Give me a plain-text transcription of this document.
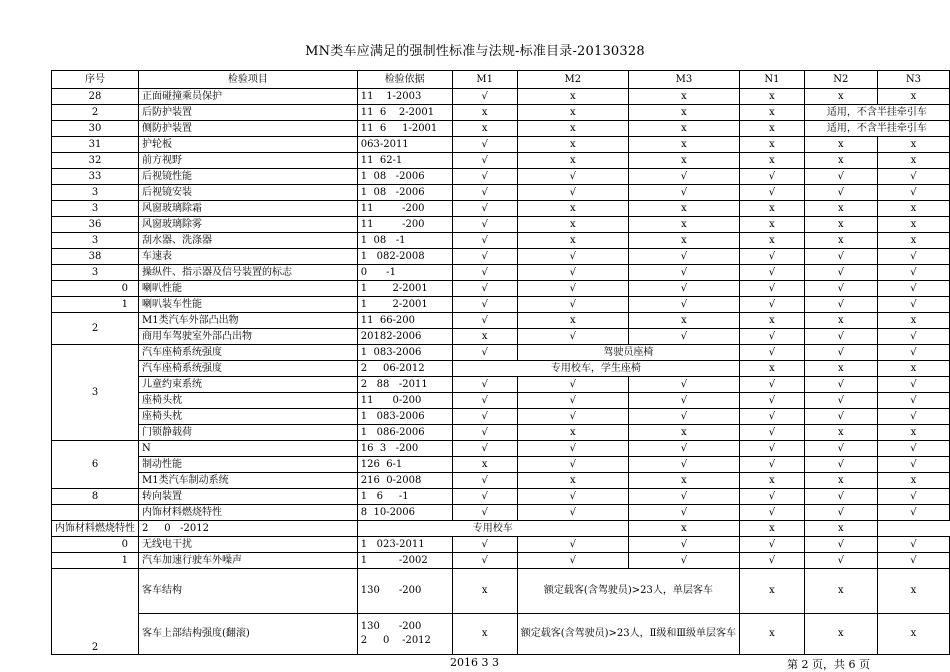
MN类车应满足的强制性标准与法规-标准目录-20130328
序号	检验项目	检验依据	M1	M2	M3	N1	N2	N3
28	正面碰撞乘员保护	11    1-2003	√	x	x	x	x	x
2	后防护装置	11  6    2-2001	x	x	x	x	适用，不含半挂牵引车	
30	侧防护装置	11  6     1-2001	x	x	x	x	适用，不含半挂牵引车	
31	护轮板	063-2011	√	x	x	x	x	x
32	前方视野	11  62-1	√	x	x	x	x	x
33	后视镜性能	1  08   -2006	√	√	√	√	√	√
3	后视镜安装	1  08   -2006	√	√	√	√	√	√
3	风窗玻璃除霜	11         -200	√	x	x	x	x	x
36	风窗玻璃除雾	11         -200	√	x	x	x	x	x
3	刮水器、洗涤器	1  08   -1	√	x	x	x	x	x
38	车速表	1   082-2008	√	√	√	√	√	√
3	操纵件、指示器及信号装置的标志	0      -1	√	√	√	√	√	√
0	喇叭性能	1        2-2001	√	√	√	√	√	√
1	喇叭装车性能	1        2-2001	√	√	√	√	√	√
2	M1类汽车外部凸出物	11  66-200	√	x	x	x	x	x
	商用车驾驶室外部凸出物	20182-2006	x	√	√	√	√	√
3	汽车座椅系统强度	1  083-2006	√	驾驶员座椅		√	√	√
	汽车座椅系统强度	2     06-2012	专用校车，学生座椅			x	x	x
	儿童约束系统	2   88   -2011	√	√	√	√	√	√
	座椅头枕	11      0-200	√	√	√	√	√	√
	座椅头枕	1   083-2006	√	√	√	√	√	√
	门锁静载荷	1   086-2006	√	x	x	√	x	x
6	N	16  3   -200	√	√	√	√	√	√
	制动性能	126  6-1	x	√	√	√	√	√
	M1类汽车制动系统	216  0-2008	√	x	x	x	x	x
8	转向装置	1   6     -1	√	√	√	√	√	√
	内饰材料燃烧特性	8  10-2006	√	√	√	√	√	√
内饰材料燃烧特性	2     0   -2012	专用校车			x	x	x	
0	无线电干扰	1   023-2011	√	√	√	√	√	√
1	汽车加速行驶车外噪声	1          -2002	√	√	√	√	√	√
2	客车结构	130      -200	x	额定载客(含驾驶员)>23人，单层客车		x	x	x
	客车上部结构强度(翻滚)	130      -200
2     0    -2012	x	额定载客(含驾驶员)>23人，Ⅱ级和Ⅲ级单层客车		x	x	x
2016 3 3	第 2 页，共 6 页
